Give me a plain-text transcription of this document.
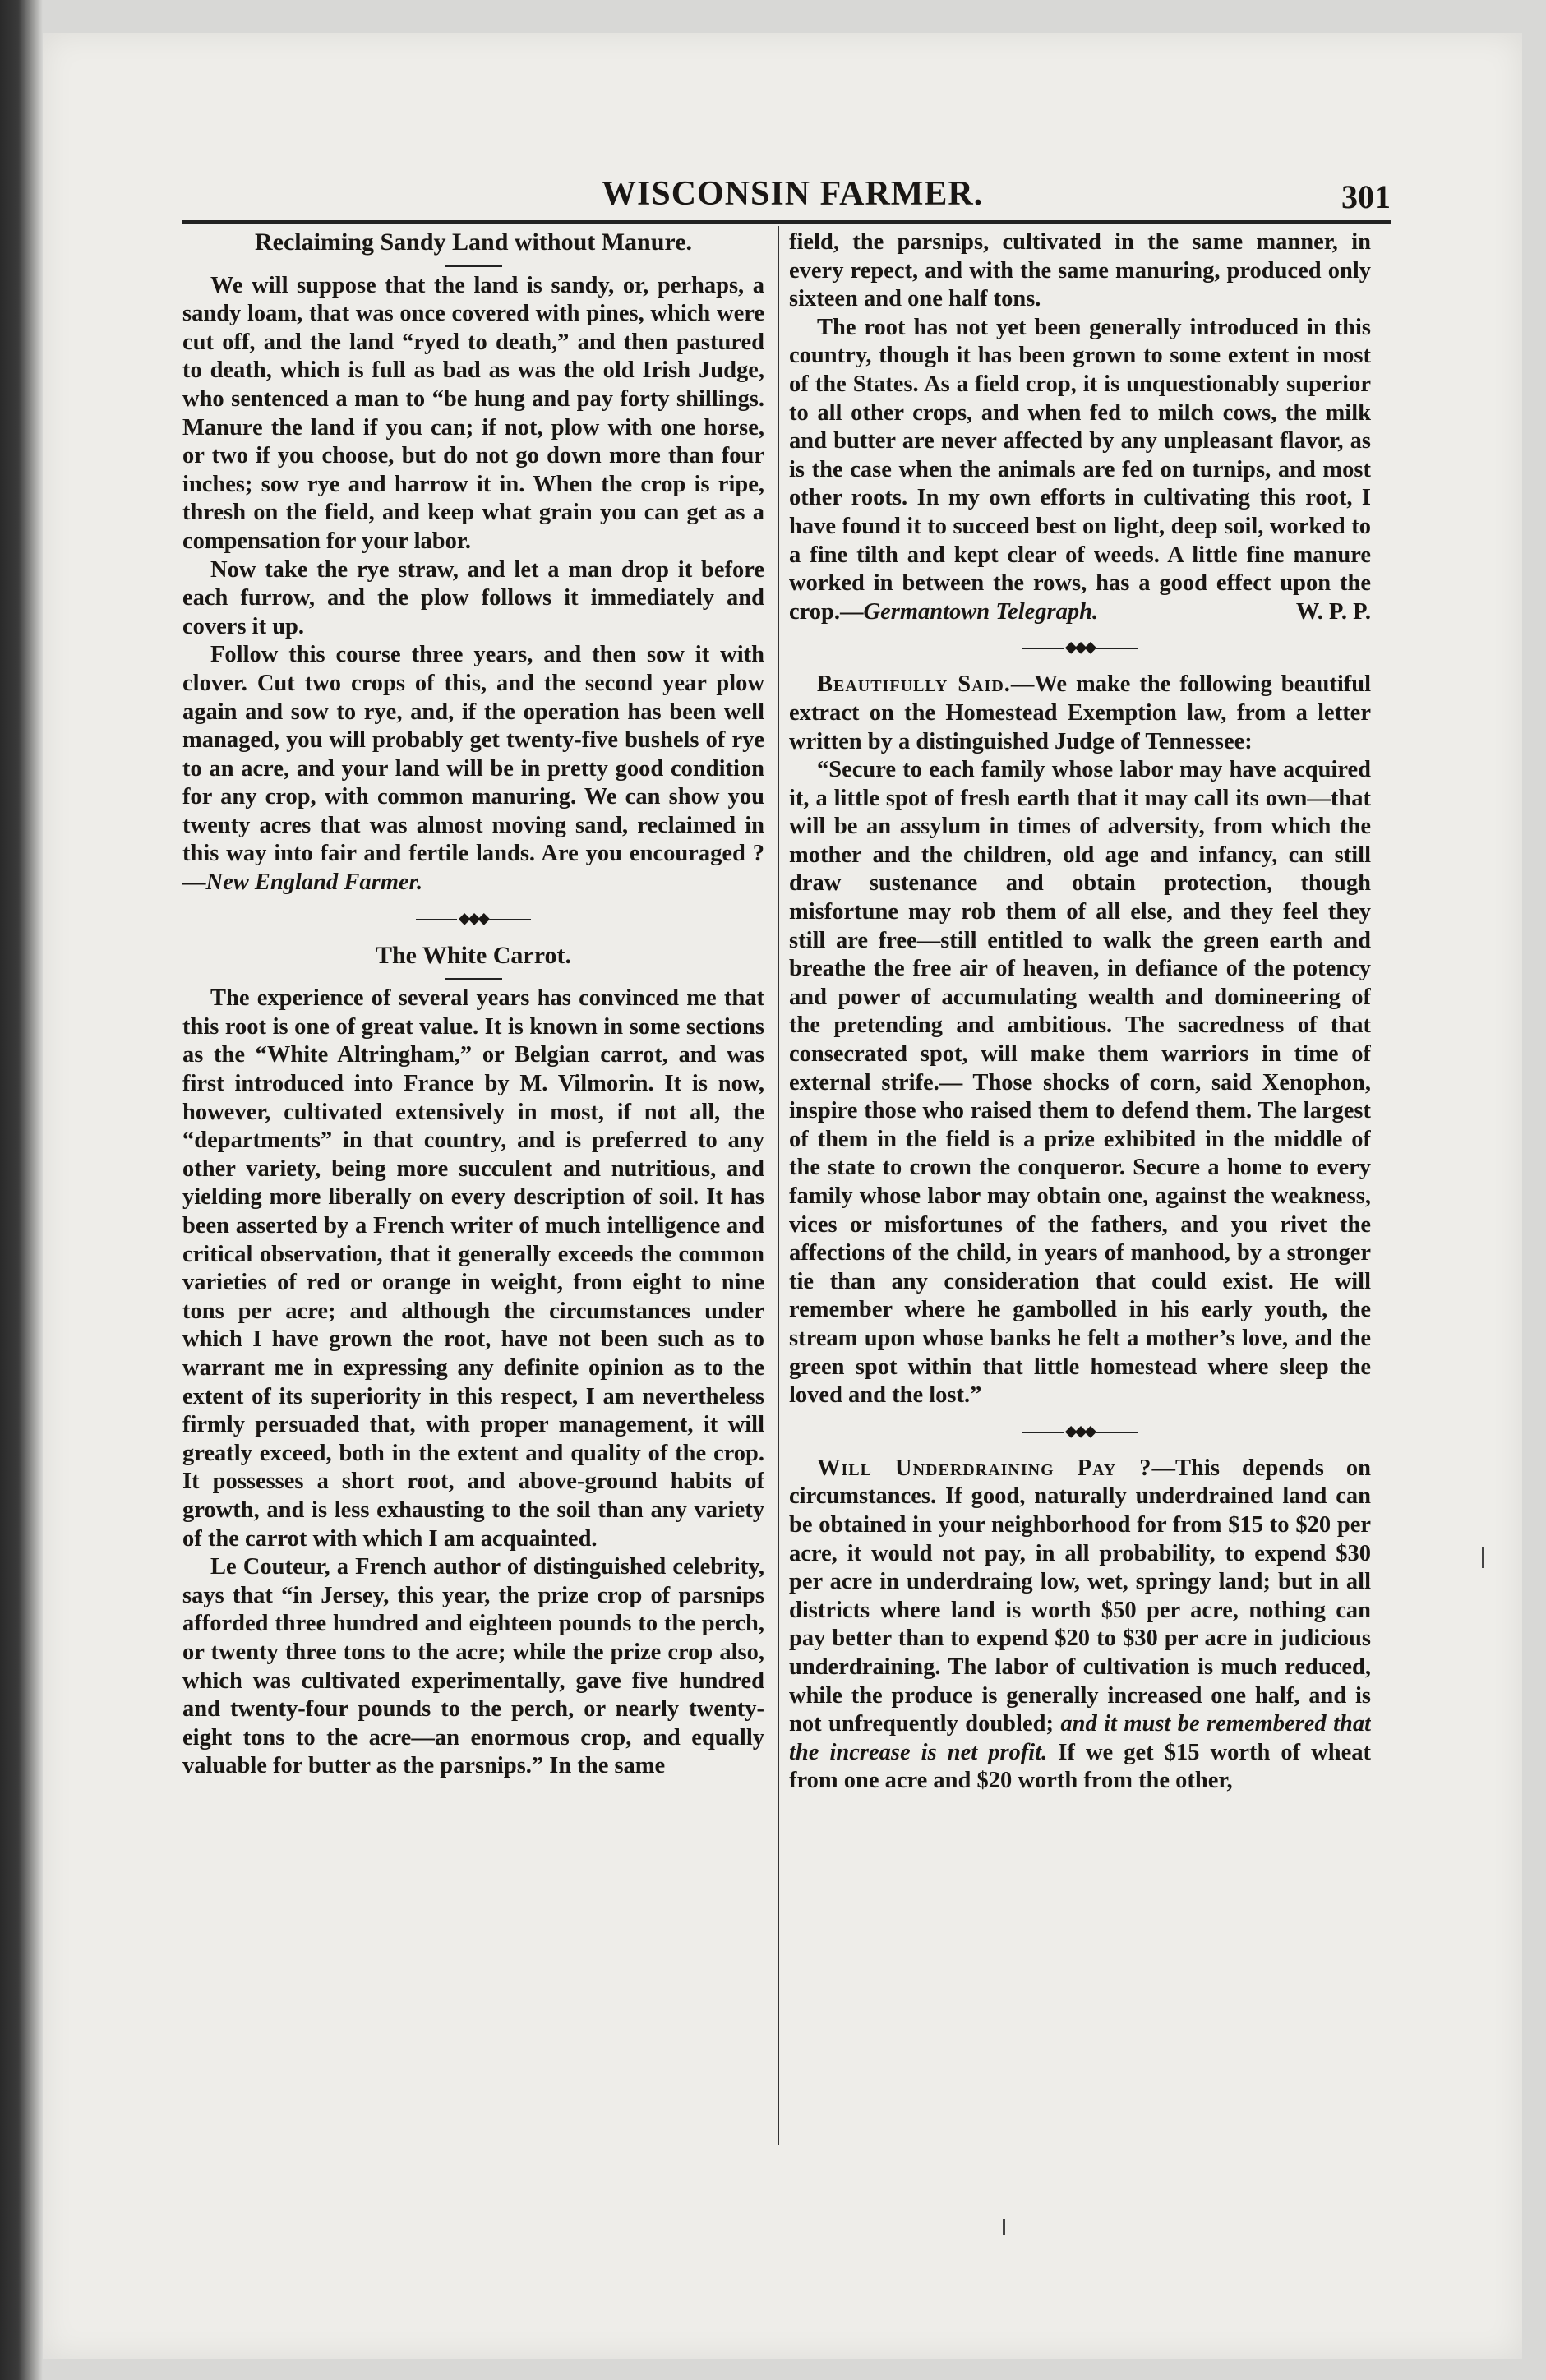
WISCONSIN FARMER.	301
Reclaiming Sandy Land without Manure.

We will suppose that the land is sandy, or, perhaps, a sandy loam, that was once covered with pines, which were cut off, and the land “ryed to death,” and then pastured to death, which is full as bad as was the old Irish Judge, who sentenced a man to “be hung and pay forty shillings. Manure the land if you can; if not, plow with one horse, or two if you choose, but do not go down more than four inches; sow rye and harrow it in. When the crop is ripe, thresh on the field, and keep what grain you can get as a compensation for your labor.

Now take the rye straw, and let a man drop it before each furrow, and the plow follows it immediately and covers it up.

Follow this course three years, and then sow it with clover. Cut two crops of this, and the second year plow again and sow to rye, and, if the operation has been well managed, you will probably get twenty-five bushels of rye to an acre, and your land will be in pretty good condition for any crop, with common manuring. We can show you twenty acres that was almost moving sand, reclaimed in this way into fair and fertile lands. Are you encouraged ?—New England Farmer.

◆◆◆
The White Carrot.

The experience of several years has convinced me that this root is one of great value. It is known in some sections as the “White Altringham,” or Belgian carrot, and was first introduced into France by M. Vilmorin. It is now, however, cultivated extensively in most, if not all, the “departments” in that country, and is preferred to any other variety, being more succulent and nutritious, and yielding more liberally on every description of soil. It has been asserted by a French writer of much intelligence and critical observation, that it generally exceeds the common varieties of red or orange in weight, from eight to nine tons per acre; and although the circumstances under which I have grown the root, have not been such as to warrant me in expressing any definite opinion as to the extent of its superiority in this respect, I am nevertheless firmly persuaded that, with proper management, it will greatly exceed, both in the extent and quality of the crop. It possesses a short root, and above-ground habits of growth, and is less exhausting to the soil than any variety of the carrot with which I am acquainted.

Le Couteur, a French author of distinguished celebrity, says that “in Jersey, this year, the prize crop of parsnips afforded three hundred and eighteen pounds to the perch, or twenty three tons to the acre; while the prize crop also, which was cultivated experimentally, gave five hundred and twenty-four pounds to the perch, or nearly twenty-eight tons to the acre—an enormous crop, and equally valuable for butter as the parsnips.” In the same

field, the parsnips, cultivated in the same manner, in every repect, and with the same manuring, produced only sixteen and one half tons.

The root has not yet been generally introduced in this country, though it has been grown to some extent in most of the States. As a field crop, it is unquestionably superior to all other crops, and when fed to milch cows, the milk and butter are never affected by any unpleasant flavor, as is the case when the animals are fed on turnips, and most other roots. In my own efforts in cultivating this root, I have found it to succeed best on light, deep soil, worked to a fine tilth and kept clear of weeds. A little fine manure worked in between the rows, has a good effect upon the crop.—Germantown Telegraph.	W. P. P.

◆◆◆

Beautifully Said.—We make the following beautiful extract on the Homestead Exemption law, from a letter written by a distinguished Judge of Tennessee:

“Secure to each family whose labor may have acquired it, a little spot of fresh earth that it may call its own—that will be an assylum in times of adversity, from which the mother and the children, old age and infancy, can still draw sustenance and obtain protection, though misfortune may rob them of all else, and they feel they still are free—still entitled to walk the green earth and breathe the free air of heaven, in defiance of the potency and power of accumulating wealth and domineering of the pretending and ambitious. The sacredness of that consecrated spot, will make them warriors in time of external strife.— Those shocks of corn, said Xenophon, inspire those who raised them to defend them. The largest of them in the field is a prize exhibited in the middle of the state to crown the conqueror. Secure a home to every family whose labor may obtain one, against the weakness, vices or misfortunes of the fathers, and you rivet the affections of the child, in years of manhood, by a stronger tie than any consideration that could exist. He will remember where he gambolled in his early youth, the stream upon whose banks he felt a mother’s love, and the green spot within that little homestead where sleep the loved and the lost.”

◆◆◆

Will Underdraining Pay ?—This depends on circumstances. If good, naturally underdrained land can be obtained in your neighborhood for from $15 to $20 per acre, it would not pay, in all probability, to expend $30 per acre in underdraing low, wet, springy land; but in all districts where land is worth $50 per acre, nothing can pay better than to expend $20 to $30 per acre in judicious underdraining. The labor of cultivation is much reduced, while the produce is generally increased one half, and is not unfrequently doubled; and it must be remembered that the increase is net profit. If we get $15 worth of wheat from one acre and $20 worth from the other,
